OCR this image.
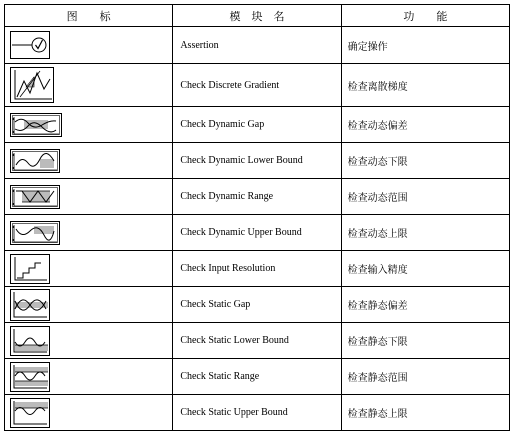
图　　标	模　块　名	功　　能

	Assertion	确定操作

	Check Discrete Gradient	检查离散梯度

	Check Dynamic Gap	检查动态偏差

	Check Dynamic Lower Bound	检查动态下限

	Check Dynamic Range	检查动态范围

	Check Dynamic Upper Bound	检查动态上限

	Check Input Resolution	检查输入精度

	Check Static Gap	检查静态偏差

	Check Static Lower Bound	检查静态下限

	Check Static Range	检查静态范围

	Check Static Upper Bound	检查静态上限
